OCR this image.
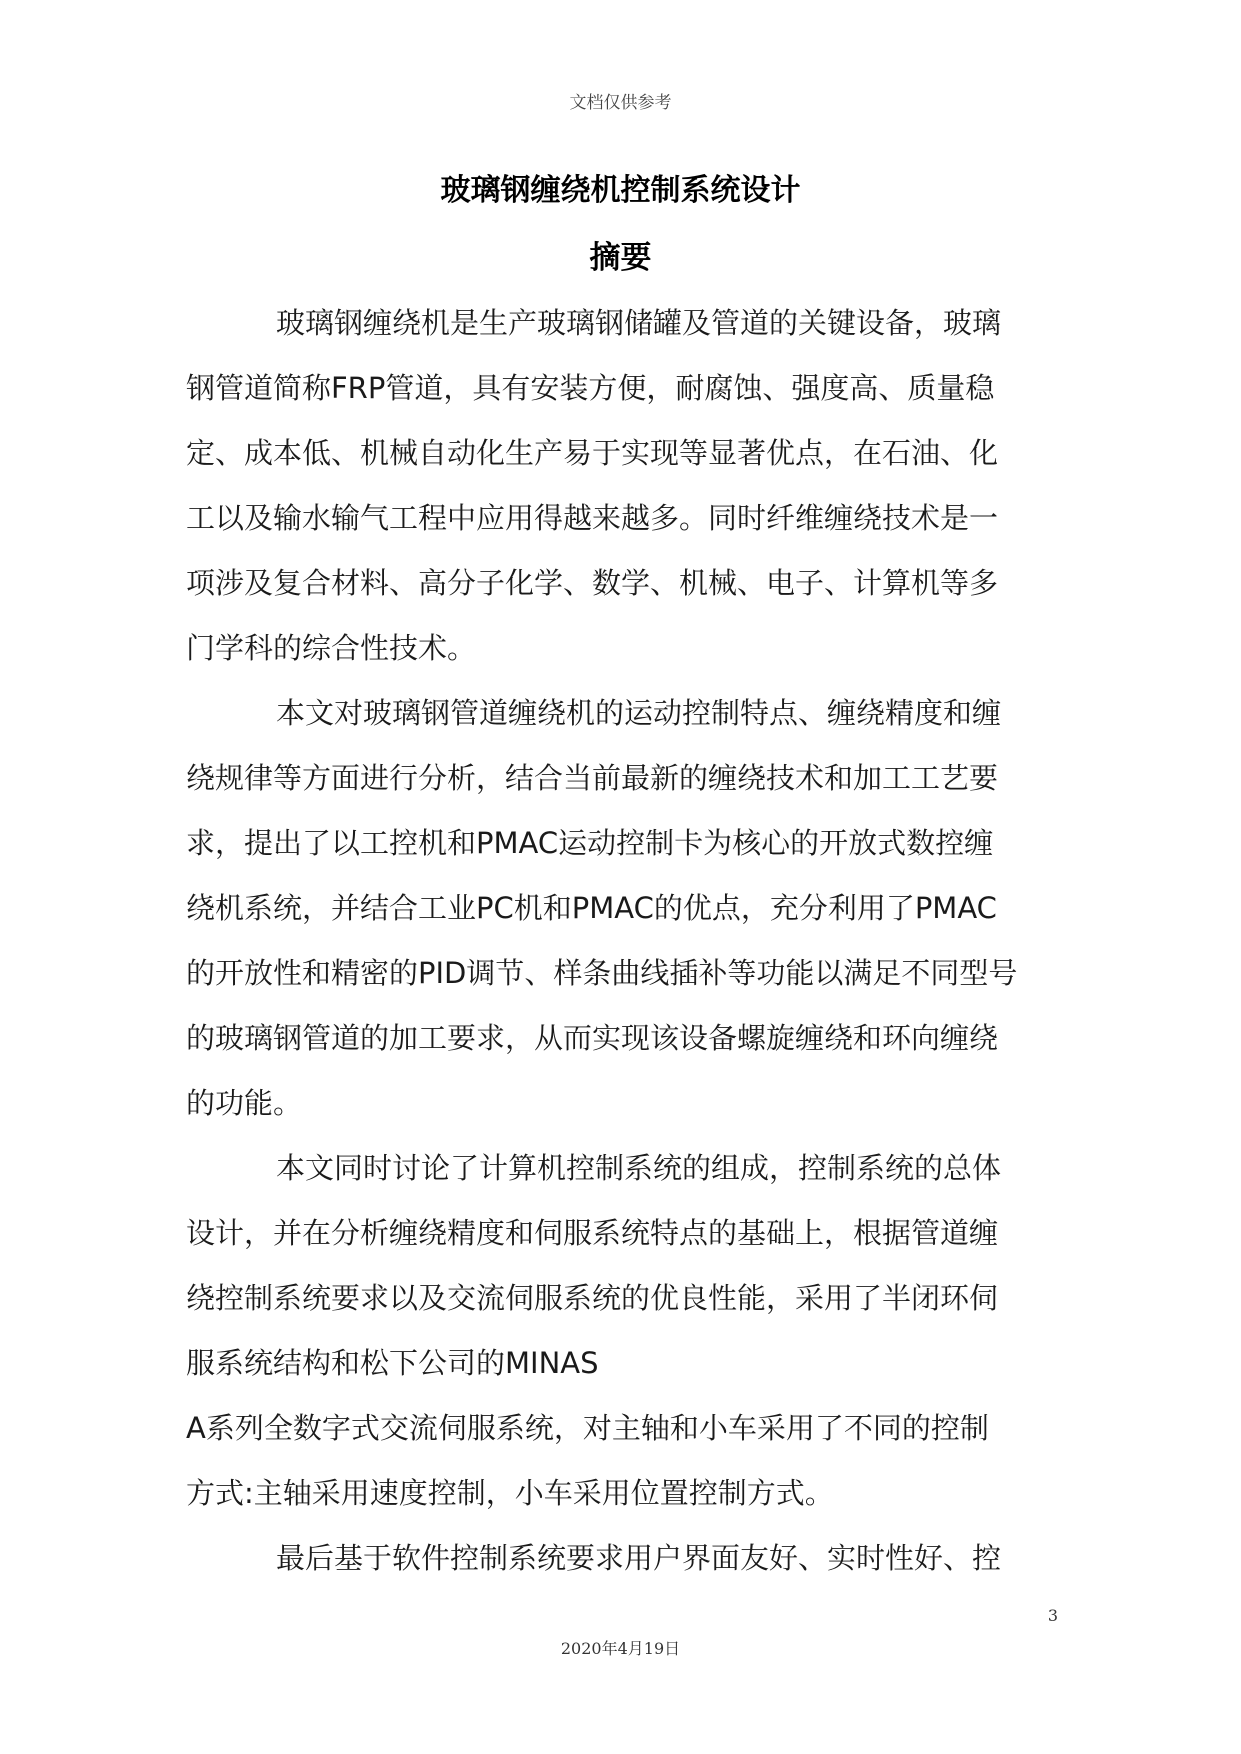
文档仅供参考
玻璃钢缠绕机控制系统设计
摘要
玻璃钢缠绕机是生产玻璃钢储罐及管道的关键设备，玻璃
钢管道简称FRP管道，具有安装方便，耐腐蚀、强度高、质量稳
定、成本低、机械自动化生产易于实现等显著优点，在石油、化
工以及输水输气工程中应用得越来越多。同时纤维缠绕技术是一
项涉及复合材料、高分子化学、数学、机械、电子、计算机等多
门学科的综合性技术。
本文对玻璃钢管道缠绕机的运动控制特点、缠绕精度和缠
绕规律等方面进行分析，结合当前最新的缠绕技术和加工工艺要
求，提出了以工控机和PMAC运动控制卡为核心的开放式数控缠
绕机系统，并结合工业PC机和PMAC的优点，充分利用了PMAC
的开放性和精密的PID调节、样条曲线插补等功能以满足不同型号
的玻璃钢管道的加工要求，从而实现该设备螺旋缠绕和环向缠绕
的功能。
本文同时讨论了计算机控制系统的组成，控制系统的总体
设计，并在分析缠绕精度和伺服系统特点的基础上，根据管道缠
绕控制系统要求以及交流伺服系统的优良性能，采用了半闭环伺
服系统结构和松下公司的MINAS
A系列全数字式交流伺服系统，对主轴和小车采用了不同的控制
方式:主轴采用速度控制，小车采用位置控制方式。
最后基于软件控制系统要求用户界面友好、实时性好、控
3
2020年4月19日
